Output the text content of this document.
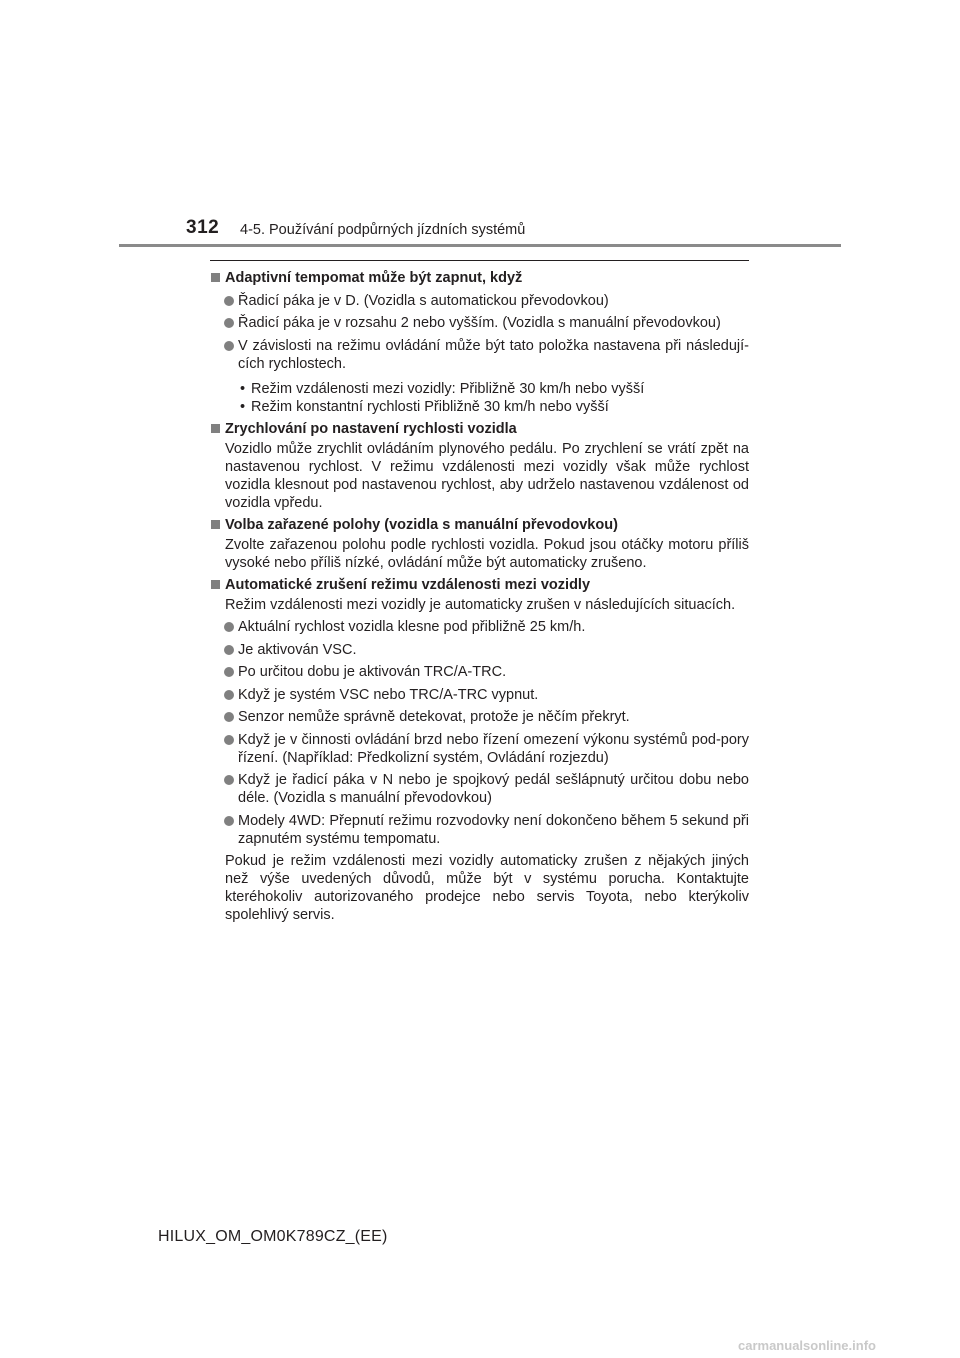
312 4-5. Používání podpůrných jízdních systémů
Adaptivní tempomat může být zapnut, když
Řadicí páka je v D. (Vozidla s automatickou převodovkou)
Řadicí páka je v rozsahu 2 nebo vyšším. (Vozidla s manuální převodovkou)
V závislosti na režimu ovládání může být tato položka nastavena při následují-cích rychlostech.
• Režim vzdálenosti mezi vozidly: Přibližně 30 km/h nebo vyšší
• Režim konstantní rychlosti Přibližně 30 km/h nebo vyšší
Zrychlování po nastavení rychlosti vozidla
Vozidlo může zrychlit ovládáním plynového pedálu. Po zrychlení se vrátí zpět na nastavenou rychlost. V režimu vzdálenosti mezi vozidly však může rychlost vozidla klesnout pod nastavenou rychlost, aby udrželo nastavenou vzdálenost od vozidla vpředu.
Volba zařazené polohy (vozidla s manuální převodovkou)
Zvolte zařazenou polohu podle rychlosti vozidla. Pokud jsou otáčky motoru příliš vysoké nebo příliš nízké, ovládání může být automaticky zrušeno.
Automatické zrušení režimu vzdálenosti mezi vozidly
Režim vzdálenosti mezi vozidly je automaticky zrušen v následujících situacích.
Aktuální rychlost vozidla klesne pod přibližně 25 km/h.
Je aktivován VSC.
Po určitou dobu je aktivován TRC/A-TRC.
Když je systém VSC nebo TRC/A-TRC vypnut.
Senzor nemůže správně detekovat, protože je něčím překryt.
Když je v činnosti ovládání brzd nebo řízení omezení výkonu systémů pod-pory řízení. (Například: Předkolizní systém, Ovládání rozjezdu)
Když je řadicí páka v N nebo je spojkový pedál sešlápnutý určitou dobu nebo déle. (Vozidla s manuální převodovkou)
Modely 4WD: Přepnutí režimu rozvodovky není dokončeno během 5 sekund při zapnutém systému tempomatu.
Pokud je režim vzdálenosti mezi vozidly automaticky zrušen z nějakých jiných než výše uvedených důvodů, může být v systému porucha. Kontaktujte kteréhokoliv autorizovaného prodejce nebo servis Toyota, nebo kterýkoliv spolehlivý servis.
HILUX_OM_OM0K789CZ_(EE)
carmanualsonline.info
